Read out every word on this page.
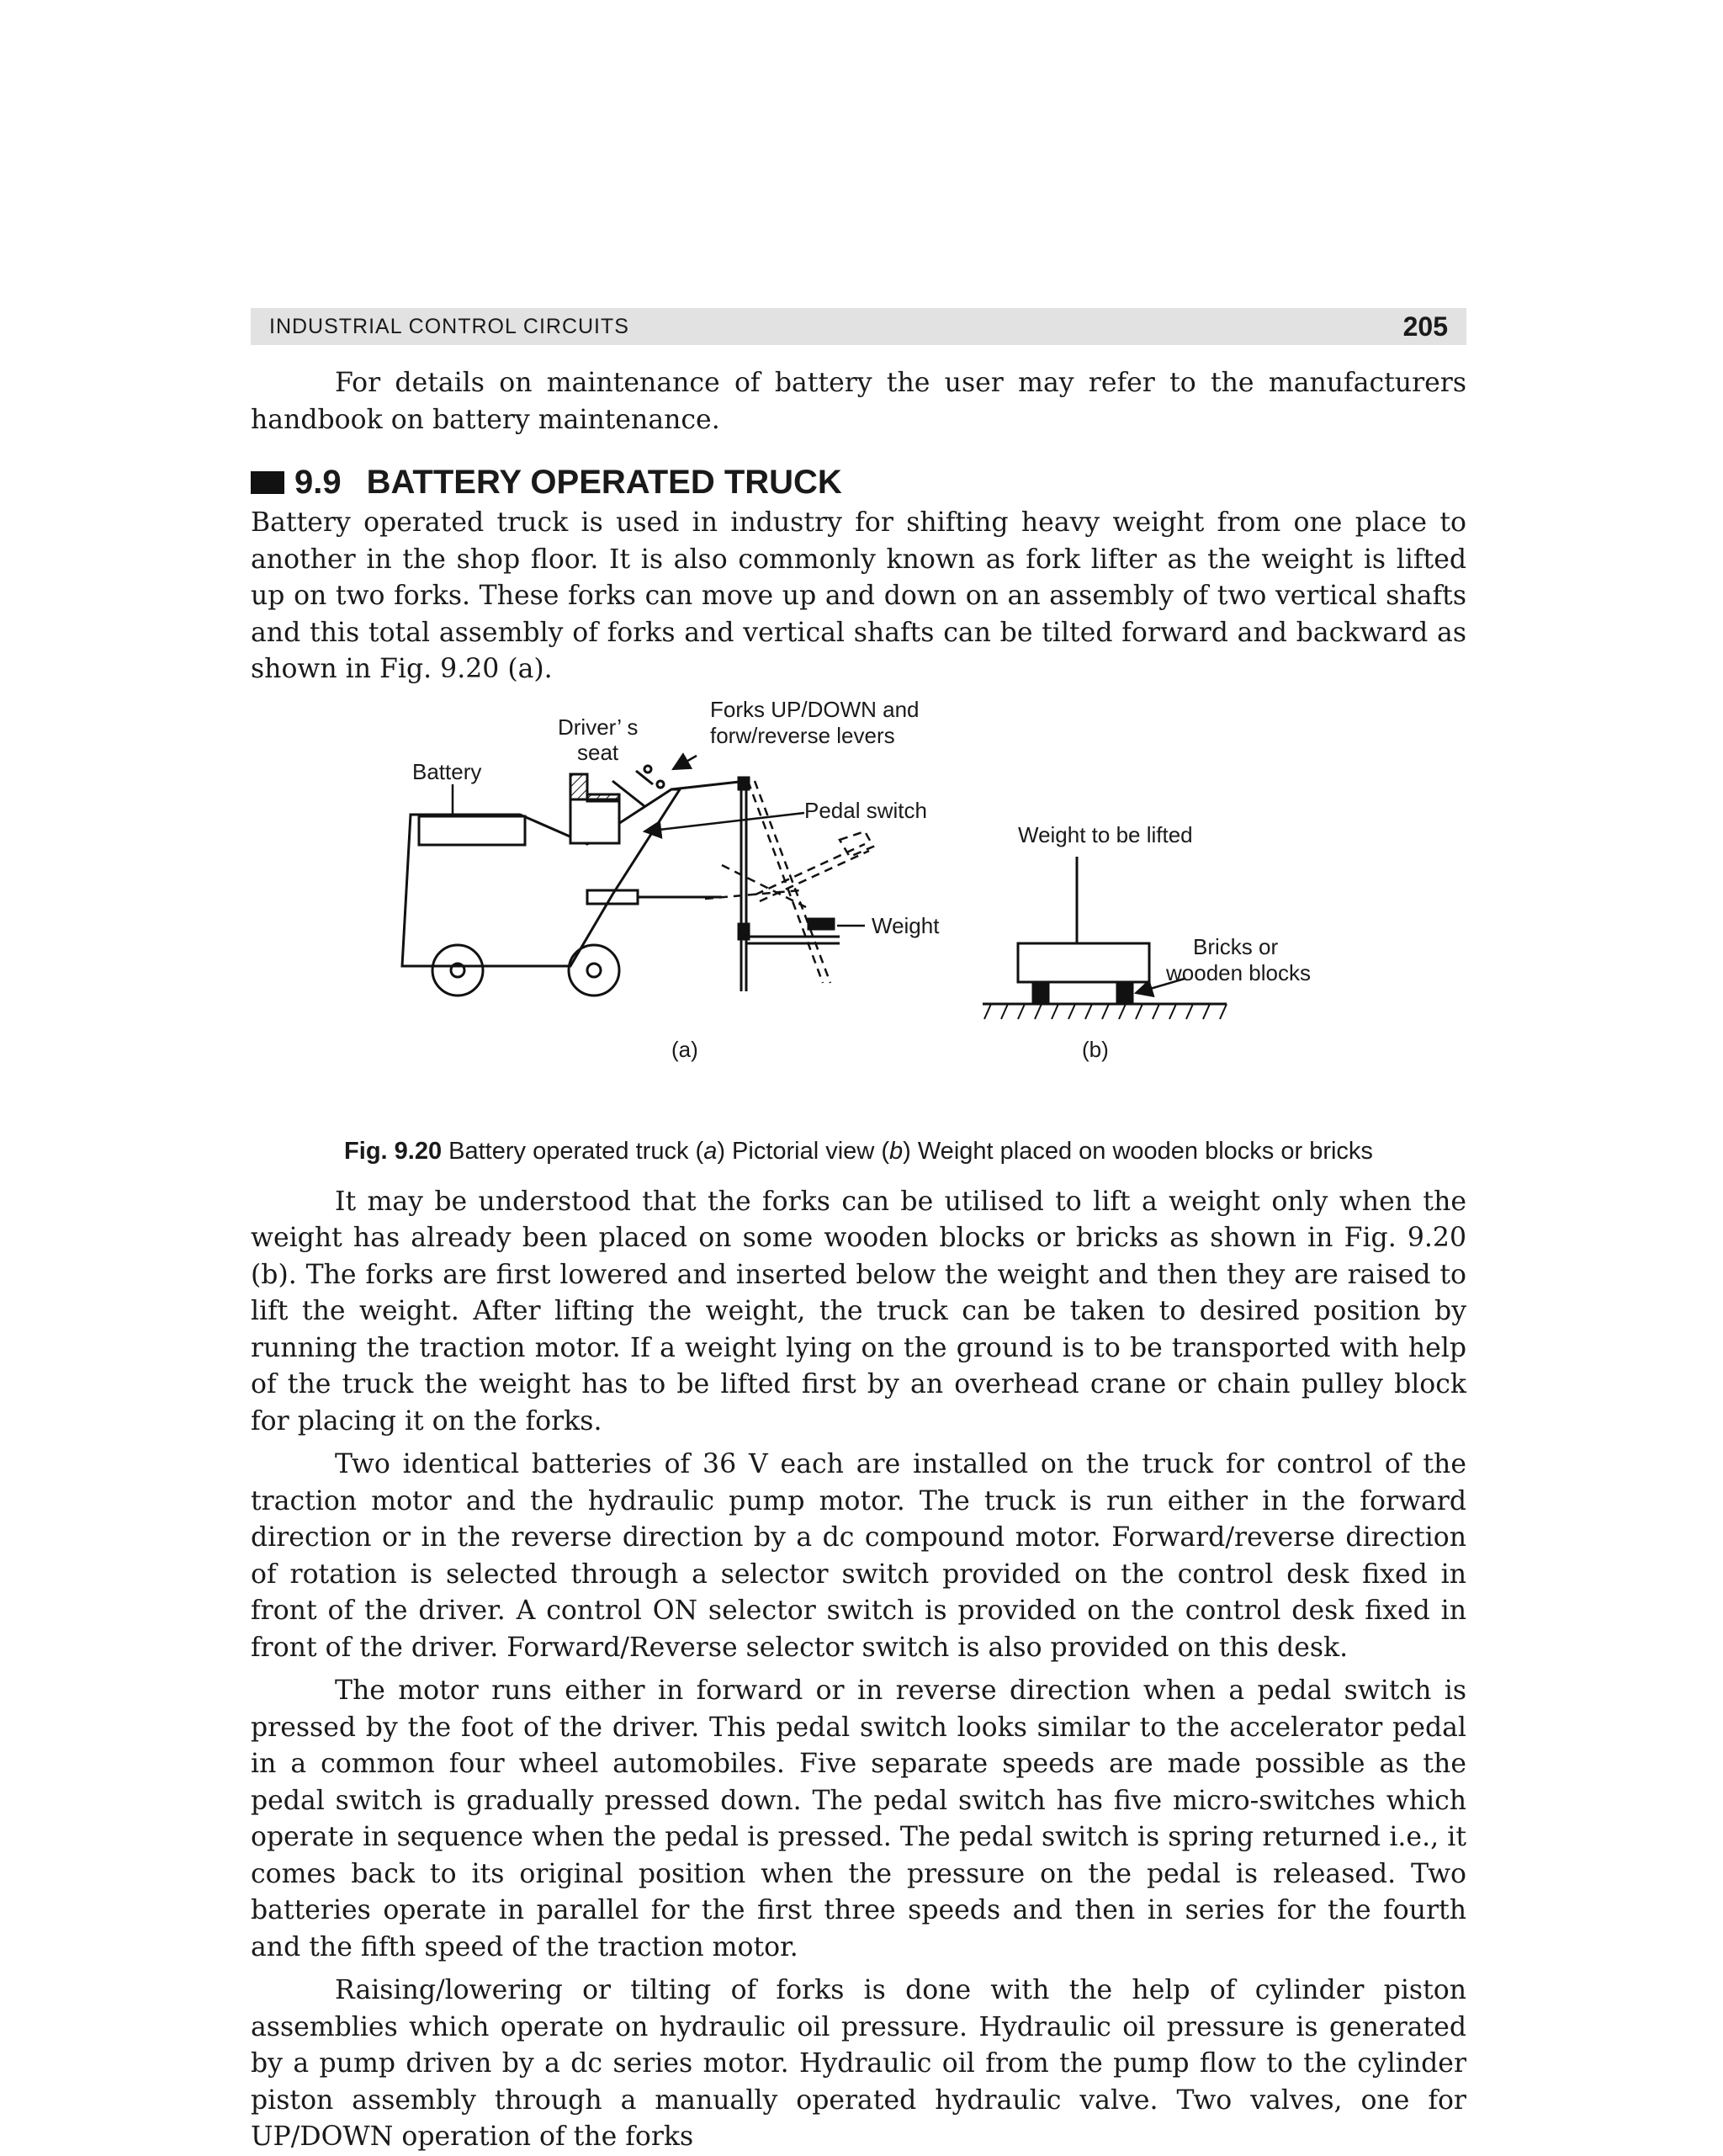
INDUSTRIAL CONTROL CIRCUITS	205

For details on maintenance of battery the user may refer to the manufacturers handbook on battery maintenance.

9.9 BATTERY OPERATED TRUCK

Battery operated truck is used in industry for shifting heavy weight from one place to another in the shop floor. It is also commonly known as fork lifter as the weight is lifted up on two forks. These forks can move up and down on an assembly of two vertical shafts and this total assembly of forks and vertical shafts can be tilted forward and backward as shown in Fig. 9.20 (a).

Battery
Driver’ s
seat
Forks UP/DOWN and
forw/reverse levers
Pedal switch
Weight
Weight to be lifted
Bricks or
wooden blocks
(a)	(b)
Fig. 9.20 Battery operated truck (a) Pictorial view (b) Weight placed on wooden blocks or bricks

It may be understood that the forks can be utilised to lift a weight only when the weight has already been placed on some wooden blocks or bricks as shown in Fig. 9.20 (b). The forks are first lowered and inserted below the weight and then they are raised to lift the weight. After lifting the weight, the truck can be taken to desired position by running the traction motor. If a weight lying on the ground is to be transported with help of the truck the weight has to be lifted first by an overhead crane or chain pulley block for placing it on the forks.

Two identical batteries of 36 V each are installed on the truck for control of the traction motor and the hydraulic pump motor. The truck is run either in the forward direction or in the reverse direction by a dc compound motor. Forward/reverse direction of rotation is selected through a selector switch provided on the control desk fixed in front of the driver. A control ON selector switch is provided on the control desk fixed in front of the driver. Forward/Reverse selector switch is also provided on this desk.

The motor runs either in forward or in reverse direction when a pedal switch is pressed by the foot of the driver. This pedal switch looks similar to the accelerator pedal in a common four wheel automobiles. Five separate speeds are made possible as the pedal switch is gradually pressed down. The pedal switch has five micro-switches which operate in sequence when the pedal is pressed. The pedal switch is spring returned i.e., it comes back to its original position when the pressure on the pedal is released. Two batteries operate in parallel for the first three speeds and then in series for the fourth and the fifth speed of the traction motor.

Raising/lowering or tilting of forks is done with the help of cylinder piston assemblies which operate on hydraulic oil pressure. Hydraulic oil pressure is generated by a pump driven by a dc series motor. Hydraulic oil from the pump flow to the cylinder piston assembly through a manually operated hydraulic valve. Two valves, one for UP/DOWN operation of the forks
